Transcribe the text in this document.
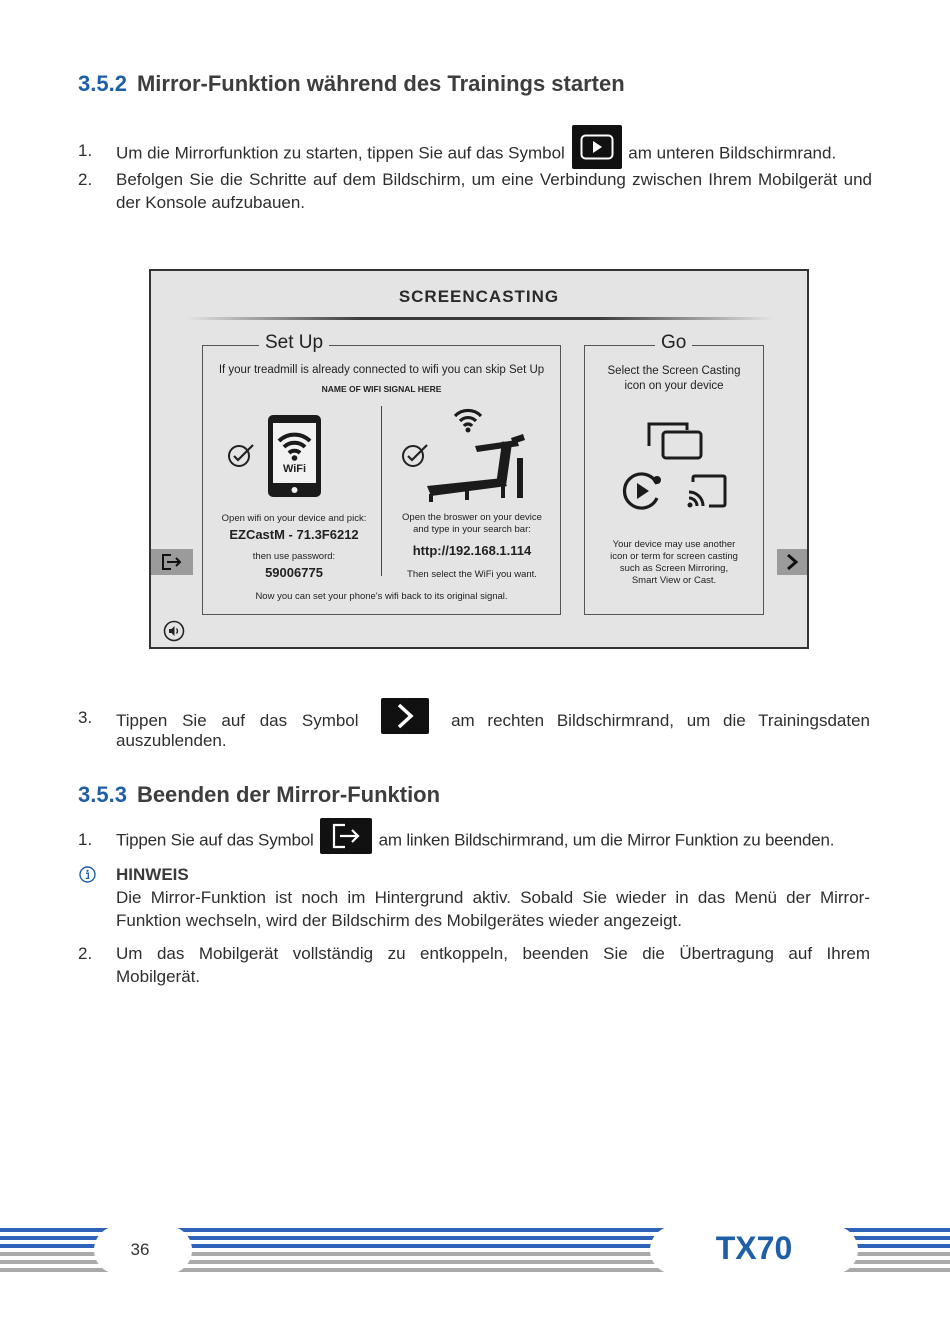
3.5.2 Mirror-Funktion während des Trainings starten
1.	Um die Mirrorfunktion zu starten, tippen Sie auf das Symbol	am unteren Bildschirmrand.
2.	Befolgen Sie die Schritte auf dem Bildschirm, um eine Verbindung zwischen Ihrem Mobilgerät und der Konsole aufzubauen.
SCREENCASTING
Set Up
If your treadmill is already connected to wifi you can skip Set Up
NAME OF WIFI SIGNAL HERE
WiFi
Open wifi on your device and pick:
EZCastM - 71.3F6212
then use password:
59006775
Open the broswer on your device
and type in your search bar:
http://192.168.1.114
Then select the WiFi you want.
Now you can set your phone's wifi back to its original signal.
Go
Select the Screen Casting
icon on your device
Your device may use another
icon or term for screen casting
such as Screen Mirroring,
Smart View or Cast.
3.	Tippen Sie auf das Symbol	am rechten Bildschirmrand, um die Trainingsdaten
auszublenden.
3.5.3 Beenden der Mirror-Funktion
1.	Tippen Sie auf das Symbol	am linken Bildschirmrand, um die Mirror Funktion zu beenden.
HINWEIS
Die Mirror-Funktion ist noch im Hintergrund aktiv. Sobald Sie wieder in das Menü der Mirror-
Funktion wechseln, wird der Bildschirm des Mobilgerätes wieder angezeigt.
2.	Um das Mobilgerät vollständig zu entkoppeln, beenden Sie die Übertragung auf Ihrem
Mobilgerät.
36	TX70
